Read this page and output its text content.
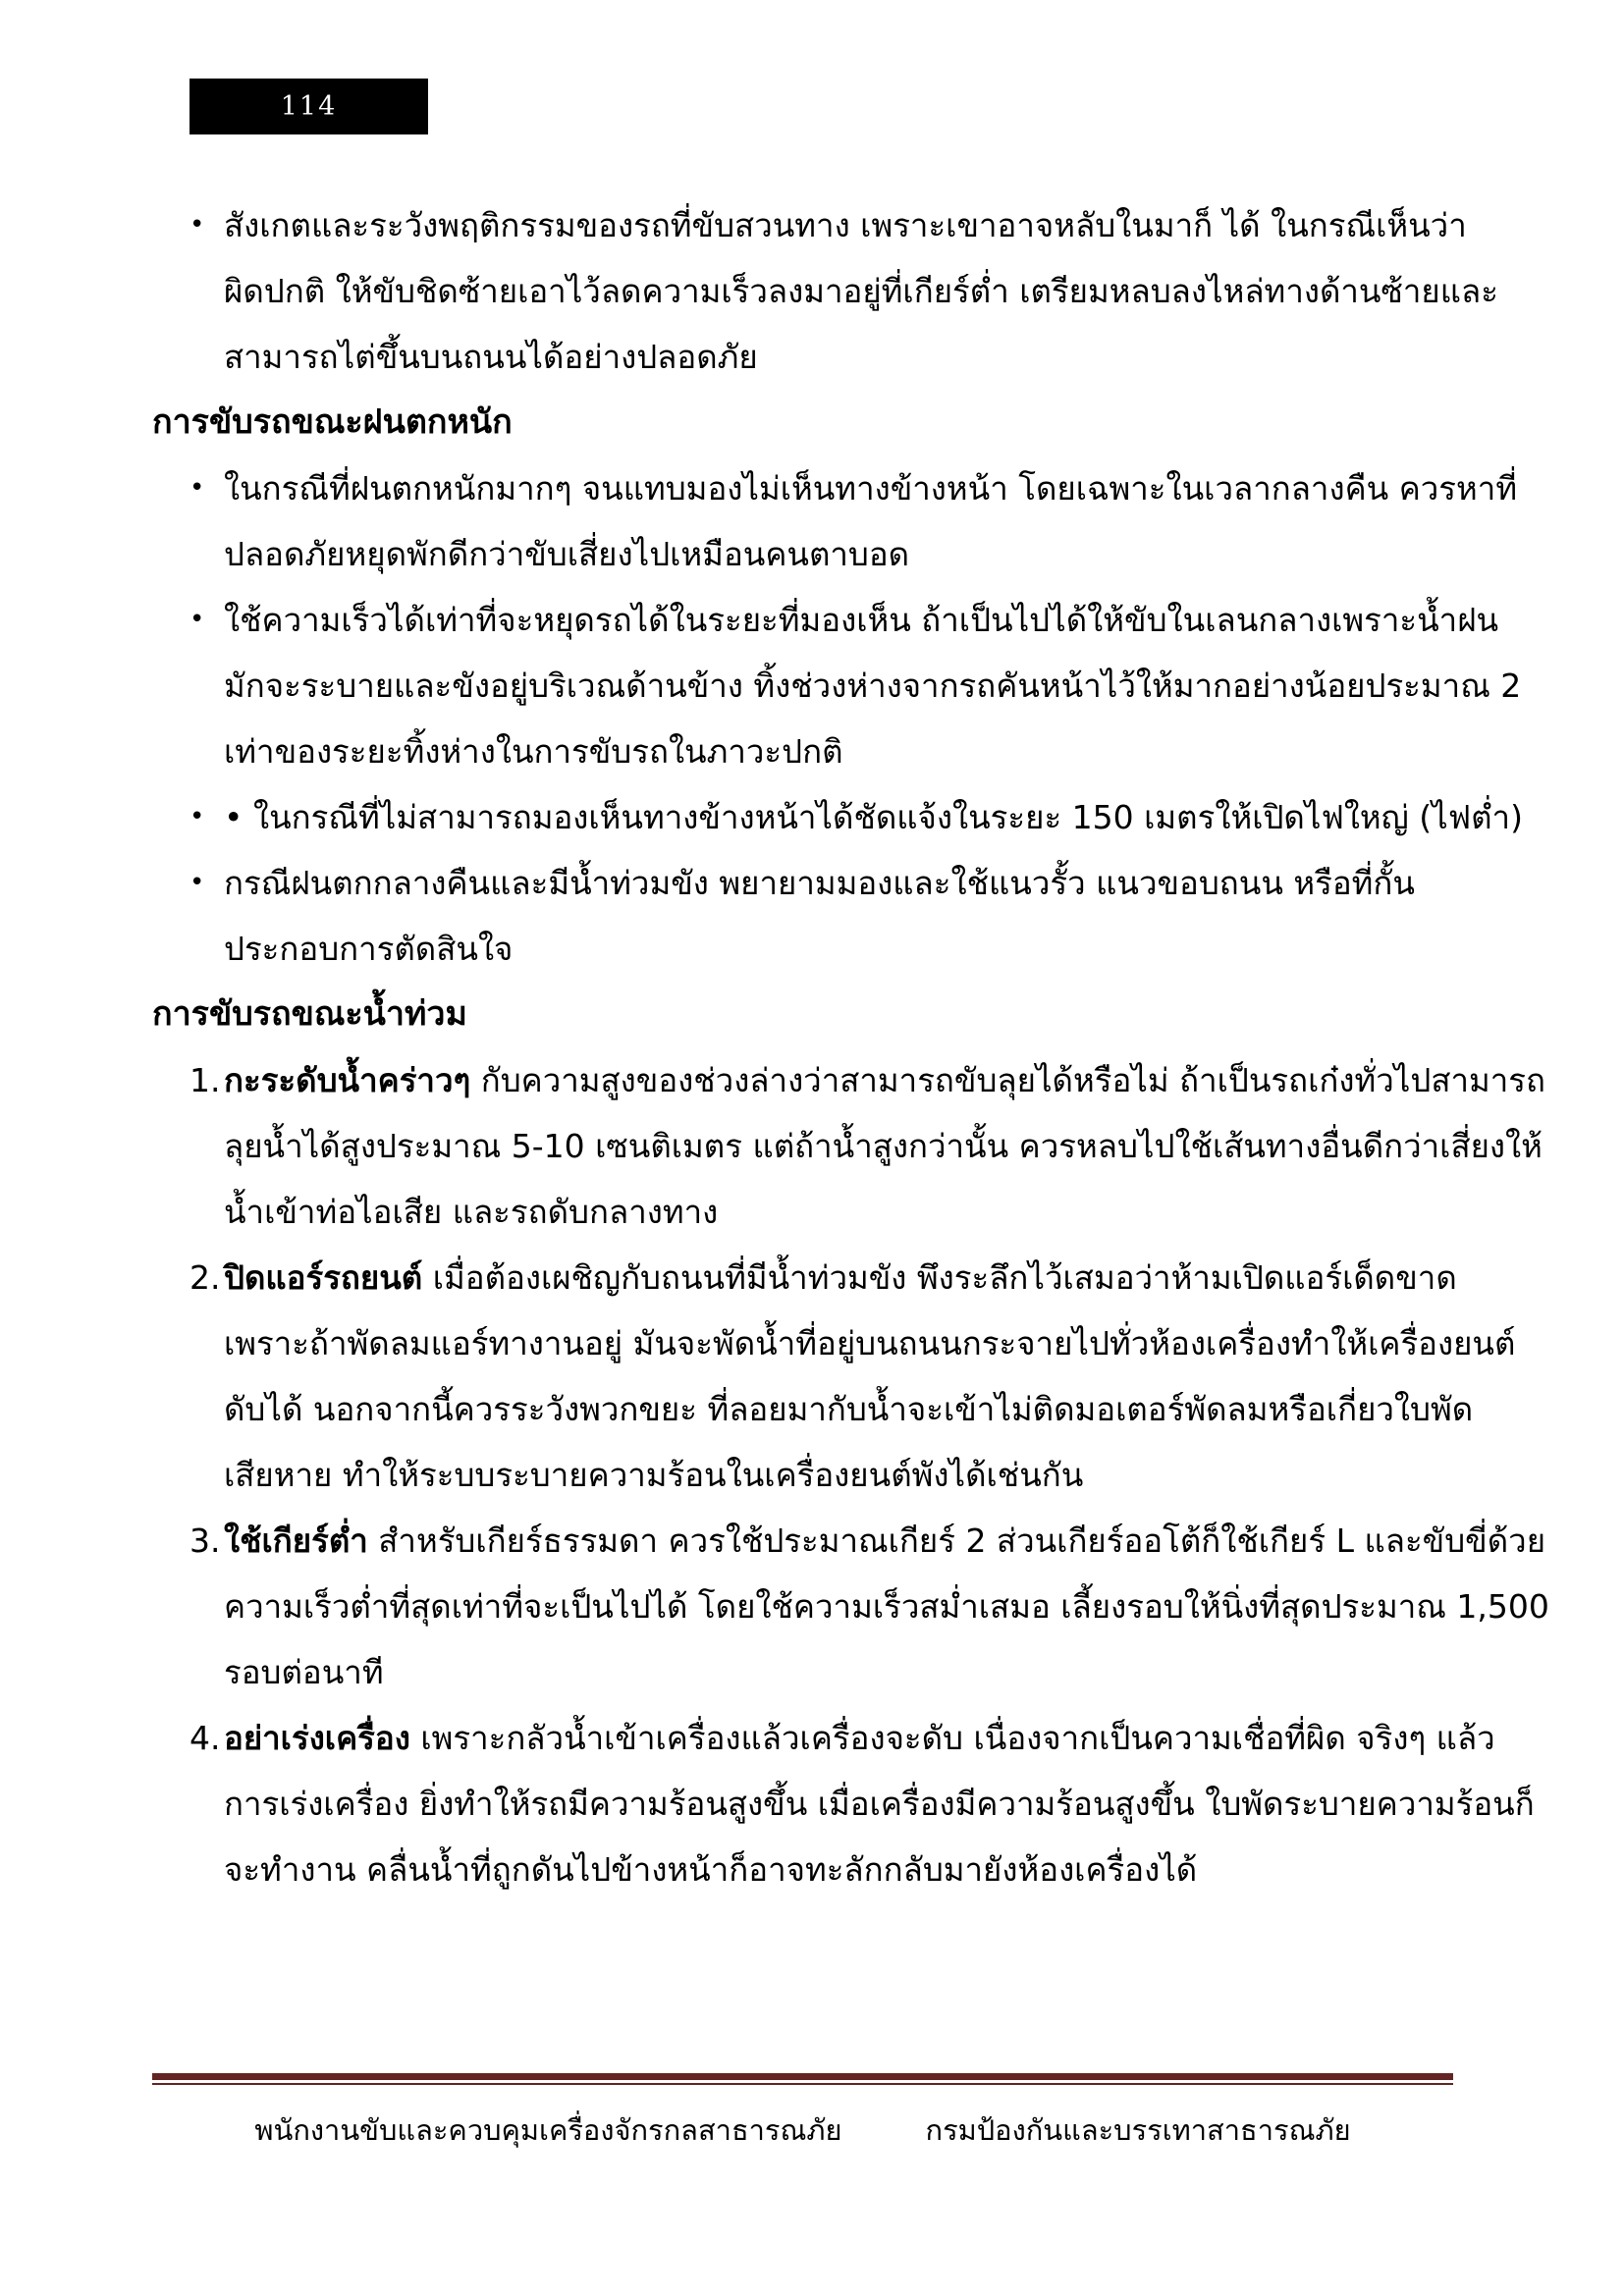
114
• สังเกตและระวังพฤติกรรมของรถที่ขับสวนทาง เพราะเขาอาจหลับในมาก็ ได้ ในกรณีเห็นว่า
ผิดปกติ ให้ขับชิดซ้ายเอาไว้ลดความเร็วลงมาอยู่ที่เกียร์ต่ำ เตรียมหลบลงไหล่ทางด้านซ้ายและ
สามารถไต่ขึ้นบนถนนได้อย่างปลอดภัย
การขับรถขณะฝนตกหนัก
• ในกรณีที่ฝนตกหนักมากๆ จนแทบมองไม่เห็นทางข้างหน้า โดยเฉพาะในเวลากลางคืน ควรหาที่
ปลอดภัยหยุดพักดีกว่าขับเสี่ยงไปเหมือนคนตาบอด
• ใช้ความเร็วได้เท่าที่จะหยุดรถได้ในระยะที่มองเห็น ถ้าเป็นไปได้ให้ขับในเลนกลางเพราะน้ำฝน
มักจะระบายและขังอยู่บริเวณด้านข้าง ทิ้งช่วงห่างจากรถคันหน้าไว้ให้มากอย่างน้อยประมาณ 2
เท่าของระยะทิ้งห่างในการขับรถในภาวะปกติ
• • ในกรณีที่ไม่สามารถมองเห็นทางข้างหน้าได้ชัดแจ้งในระยะ 150 เมตรให้เปิดไฟใหญ่ (ไฟต่ำ)
• กรณีฝนตกกลางคืนและมีน้ำท่วมขัง พยายามมองและใช้แนวรั้ว แนวขอบถนน หรือที่กั้น
ประกอบการตัดสินใจ
การขับรถขณะน้ำท่วม
1. กะระดับน้ำคร่าวๆ กับความสูงของช่วงล่างว่าสามารถขับลุยได้หรือไม่ ถ้าเป็นรถเก๋งทั่วไปสามารถ
ลุยน้ำได้สูงประมาณ 5-10 เซนติเมตร แต่ถ้าน้ำสูงกว่านั้น ควรหลบไปใช้เส้นทางอื่นดีกว่าเสี่ยงให้
น้ำเข้าท่อไอเสีย และรถดับกลางทาง
2. ปิดแอร์รถยนต์ เมื่อต้องเผชิญกับถนนที่มีน้ำท่วมขัง พึงระลึกไว้เสมอว่าห้ามเปิดแอร์เด็ดขาด
เพราะถ้าพัดลมแอร์ทางานอยู่ มันจะพัดน้ำที่อยู่บนถนนกระจายไปทั่วห้องเครื่องทำให้เครื่องยนต์
ดับได้ นอกจากนี้ควรระวังพวกขยะ ที่ลอยมากับน้ำจะเข้าไม่ติดมอเตอร์พัดลมหรือเกี่ยวใบพัด
เสียหาย ทำให้ระบบระบายความร้อนในเครื่องยนต์พังได้เช่นกัน
3. ใช้เกียร์ต่ำ สำหรับเกียร์ธรรมดา ควรใช้ประมาณเกียร์ 2 ส่วนเกียร์ออโต้ก็ใช้เกียร์ L และขับขี่ด้วย
ความเร็วต่ำที่สุดเท่าที่จะเป็นไปได้ โดยใช้ความเร็วสม่ำเสมอ เลี้ยงรอบให้นิ่งที่สุดประมาณ 1,500
รอบต่อนาที
4. อย่าเร่งเครื่อง เพราะกลัวน้ำเข้าเครื่องแล้วเครื่องจะดับ เนื่องจากเป็นความเชื่อที่ผิด จริงๆ แล้ว
การเร่งเครื่อง ยิ่งทำให้รถมีความร้อนสูงขึ้น เมื่อเครื่องมีความร้อนสูงขึ้น ใบพัดระบายความร้อนก็
จะทำงาน คลื่นน้ำที่ถูกดันไปข้างหน้าก็อาจทะลักกลับมายังห้องเครื่องได้
พนักงานขับและควบคุมเครื่องจักรกลสาธารณภัย	กรมป้องกันและบรรเทาสาธารณภัย
